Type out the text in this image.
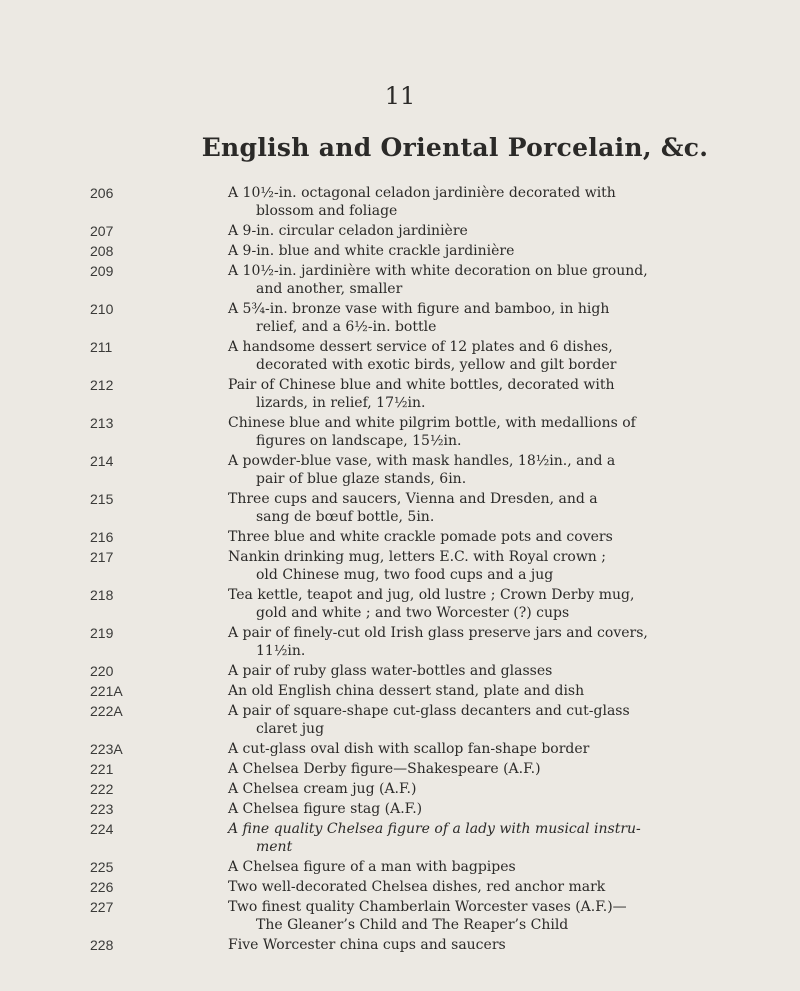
11
English and Oriental Porcelain, &c.
206	A 10½-in. octagonal celadon jardinière decorated with
blossom and foliage
207	A 9-in. circular celadon jardinière
208	A 9-in. blue and white crackle jardinière
209	A 10½-in. jardinière with white decoration on blue ground,
and another, smaller
210	A 5¾-in. bronze vase with figure and bamboo, in high
relief, and a 6½-in. bottle
211	A handsome dessert service of 12 plates and 6 dishes,
decorated with exotic birds, yellow and gilt border
212	Pair of Chinese blue and white bottles, decorated with
lizards, in relief, 17½in.
213	Chinese blue and white pilgrim bottle, with medallions of
figures on landscape, 15½in.
214	A powder-blue vase, with mask handles, 18½in., and a
pair of blue glaze stands, 6in.
215	Three cups and saucers, Vienna and Dresden, and a
sang de bœuf bottle, 5in.
216	Three blue and white crackle pomade pots and covers
217	Nankin drinking mug, letters E.C. with Royal crown ;
old Chinese mug, two food cups and a jug
218	Tea kettle, teapot and jug, old lustre ; Crown Derby mug,
gold and white ; and two Worcester (?) cups
219	A pair of finely-cut old Irish glass preserve jars and covers,
11½in.
220	A pair of ruby glass water-bottles and glasses
221A	An old English china dessert stand, plate and dish
222A	A pair of square-shape cut-glass decanters and cut-glass
claret jug
223A	A cut-glass oval dish with scallop fan-shape border
221	A Chelsea Derby figure—Shakespeare (A.F.)
222	A Chelsea cream jug (A.F.)
223	A Chelsea figure stag (A.F.)
224	A fine quality Chelsea figure of a lady with musical instru-
ment
225	A Chelsea figure of a man with bagpipes
226	Two well-decorated Chelsea dishes, red anchor mark
227	Two finest quality Chamberlain Worcester vases (A.F.)—
The Gleaner’s Child and The Reaper’s Child
228	Five Worcester china cups and saucers
